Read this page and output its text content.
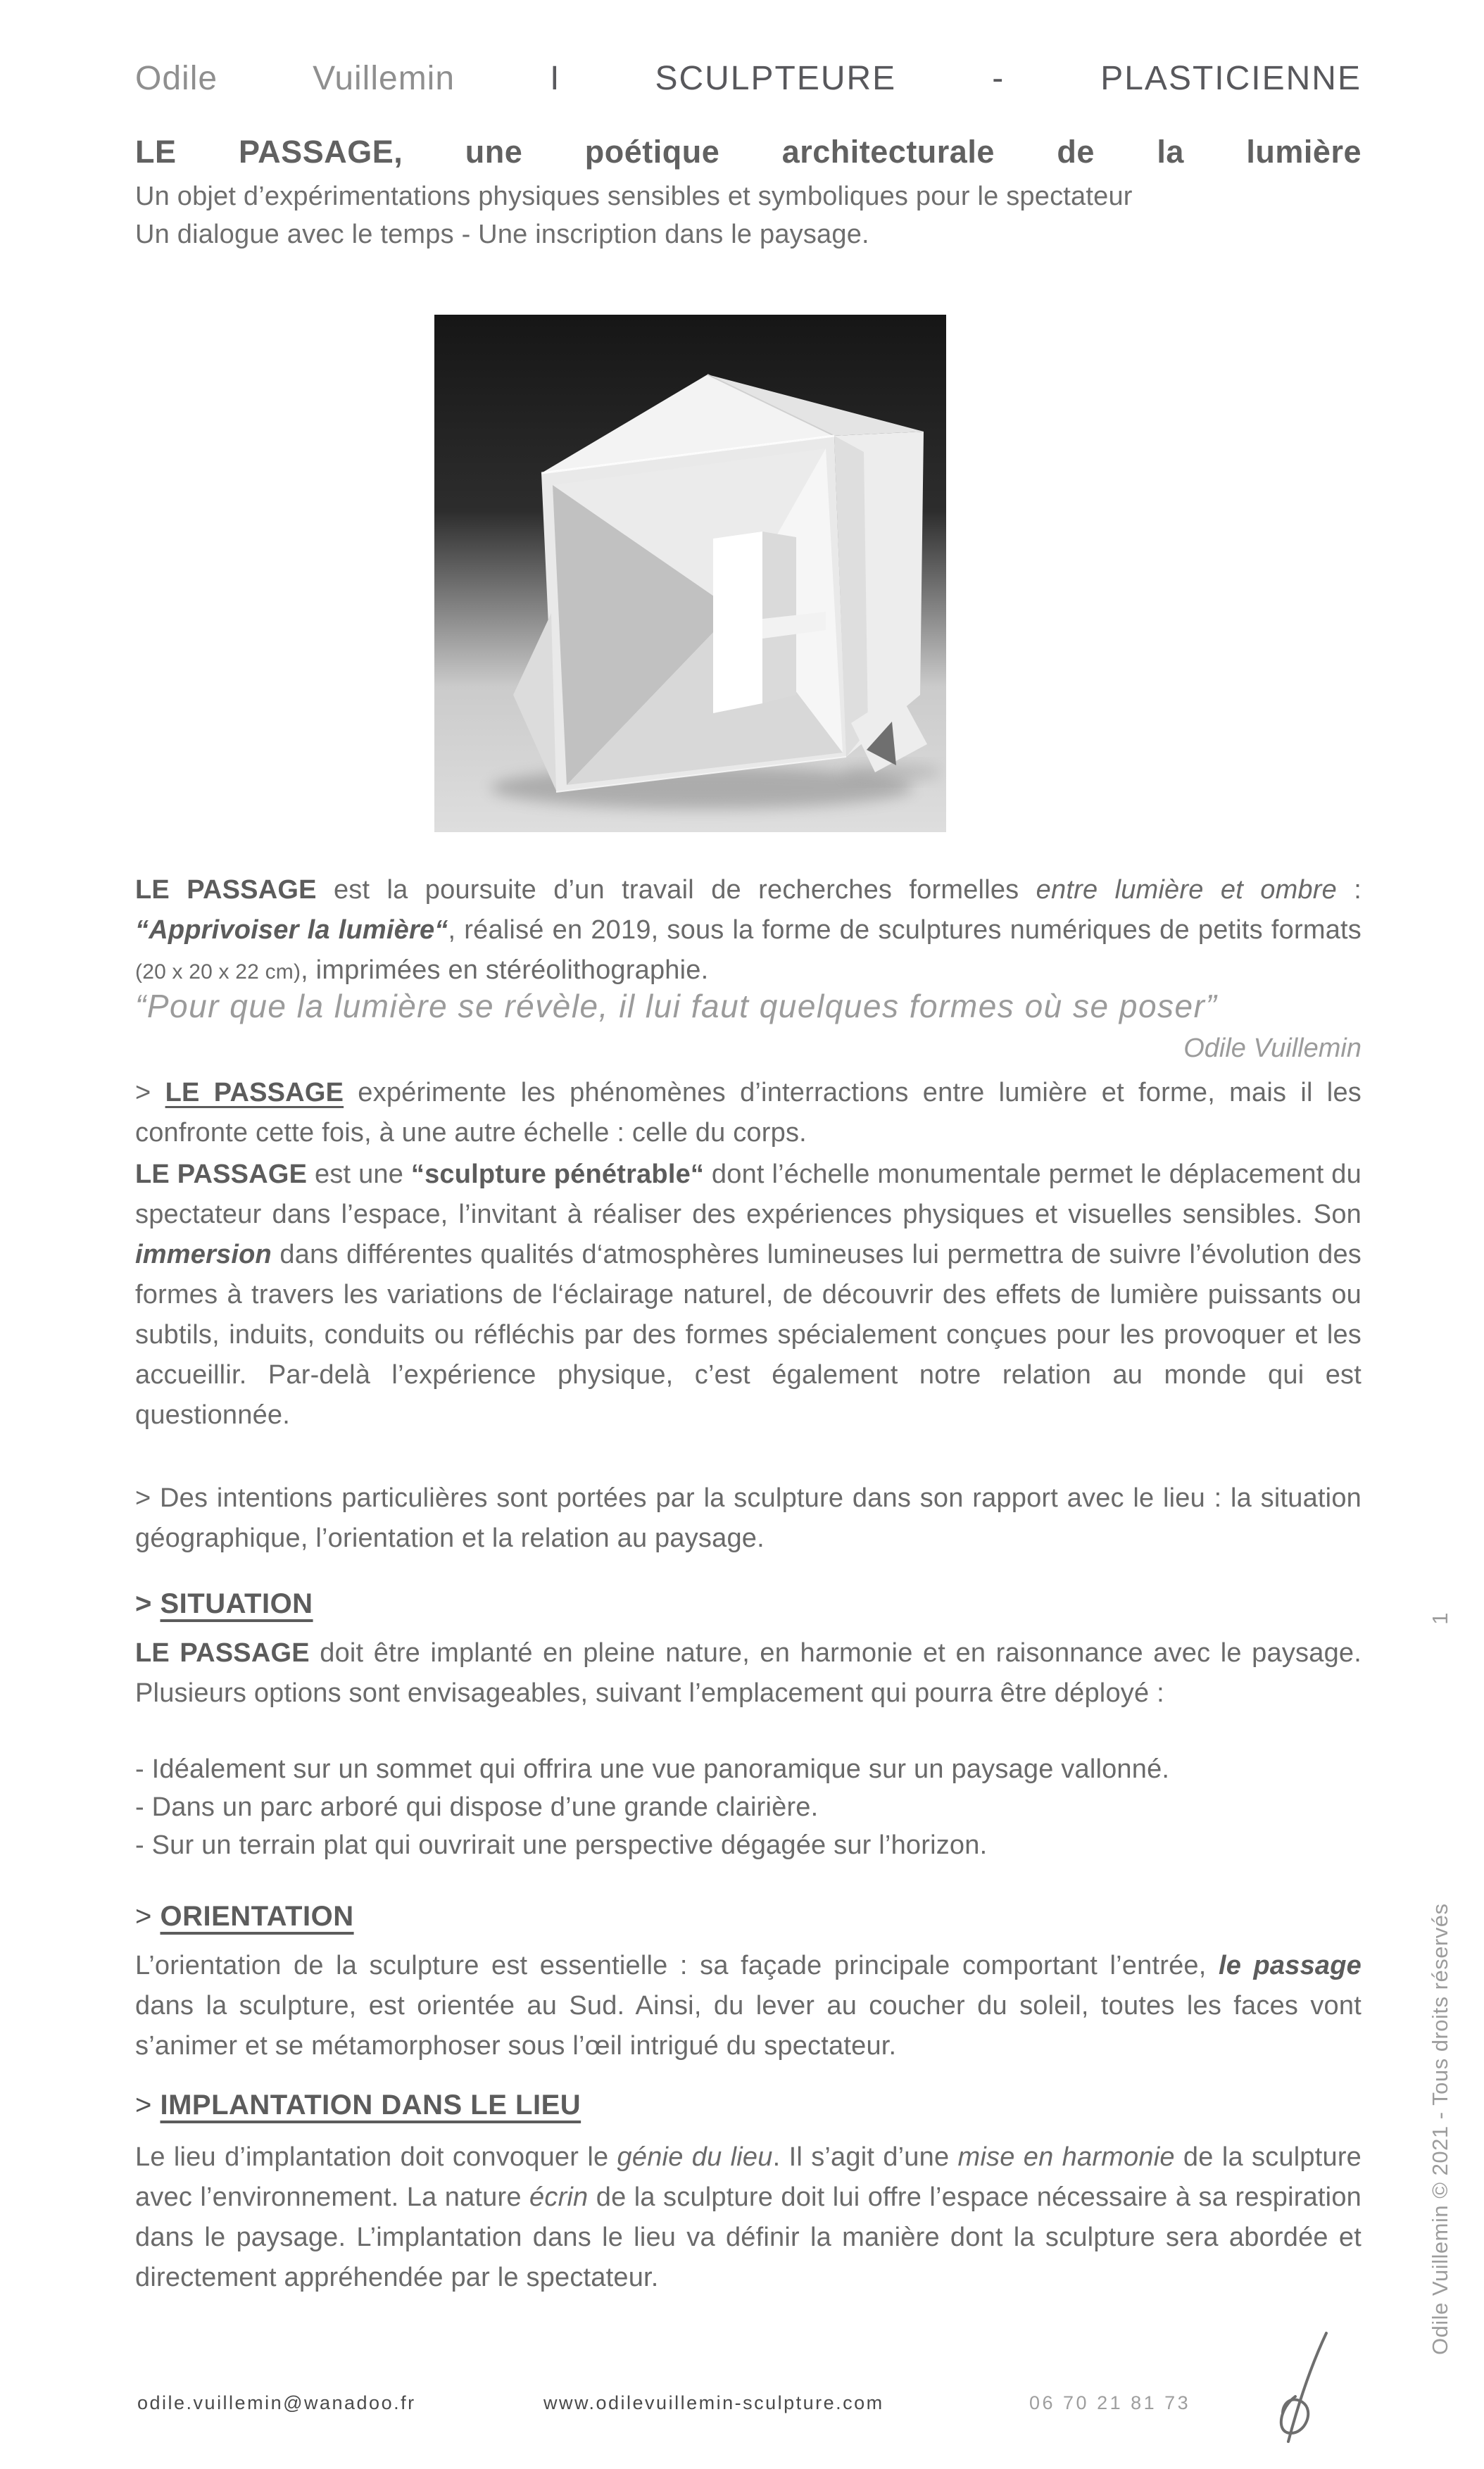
Odile Vuillemin	I	SCULPTEURE - PLASTICIENNE
LE PASSAGE, une poétique architecturale de la lumière
Un objet d’expérimentations physiques sensibles et symboliques pour le spectateur
Un dialogue avec le temps - Une inscription dans le paysage.
LE PASSAGE est la poursuite d’un travail de recherches formelles entre lumière et ombre : “Apprivoiser la lumière“, réalisé en 2019, sous la forme de sculptures numériques de petits formats (20 x 20 x 22 cm), imprimées en stéréolithographie.
“Pour que la lumière se révèle, il lui faut quelques formes où se poser”
Odile Vuillemin
> LE PASSAGE expérimente les phénomènes d’interractions entre lumière et forme, mais il les confronte cette fois, à une autre échelle : celle du corps.
LE PASSAGE est une “sculpture pénétrable“ dont l’échelle monumentale permet le déplacement du spectateur dans l’espace, l’invitant à réaliser des expériences physiques et visuelles sensibles. Son immersion dans différentes qualités d‘atmosphères lumineuses lui permettra de suivre l’évolution des formes à travers les variations de l‘éclairage naturel, de découvrir des effets de lumière puissants ou subtils, induits, conduits ou réfléchis par des formes spécialement conçues pour les provoquer et les accueillir. Par-delà l’expérience physique, c’est également notre relation au monde qui est questionnée.
> Des intentions particulières sont portées par la sculpture dans son rapport avec le lieu : la situation géographique, l’orientation et la relation au paysage.
> SITUATION
LE PASSAGE doit être implanté en pleine nature, en harmonie et en raisonnance avec le paysage. Plusieurs options sont envisageables, suivant l’emplacement qui pourra être déployé :
- Idéalement sur un sommet qui offrira une vue panoramique sur un paysage vallonné.
- Dans un parc arboré qui dispose d’une grande clairière.
- Sur un terrain plat qui ouvrirait une perspective dégagée sur l’horizon.
> ORIENTATION
L’orientation de la sculpture est essentielle : sa façade principale comportant l’entrée, le passage dans la sculpture, est orientée au Sud. Ainsi, du lever au coucher du soleil, toutes les faces vont s’animer et se métamorphoser sous l’œil intrigué du spectateur.
> IMPLANTATION DANS LE LIEU
Le lieu d’implantation doit convoquer le génie du lieu. Il s’agit d’une mise en harmonie de la sculpture avec l’environnement. La nature écrin de la sculpture doit lui offre l’espace nécessaire à sa respiration dans le paysage. L’implantation dans le lieu va définir la manière dont la sculpture sera abordée et directement appréhendée par le spectateur.
odile.vuillemin@wanadoo.fr	www.odilevuillemin-sculpture.com	06 70 21 81 73
Odile Vuillemin © 2021 - Tous droits réservés
1
